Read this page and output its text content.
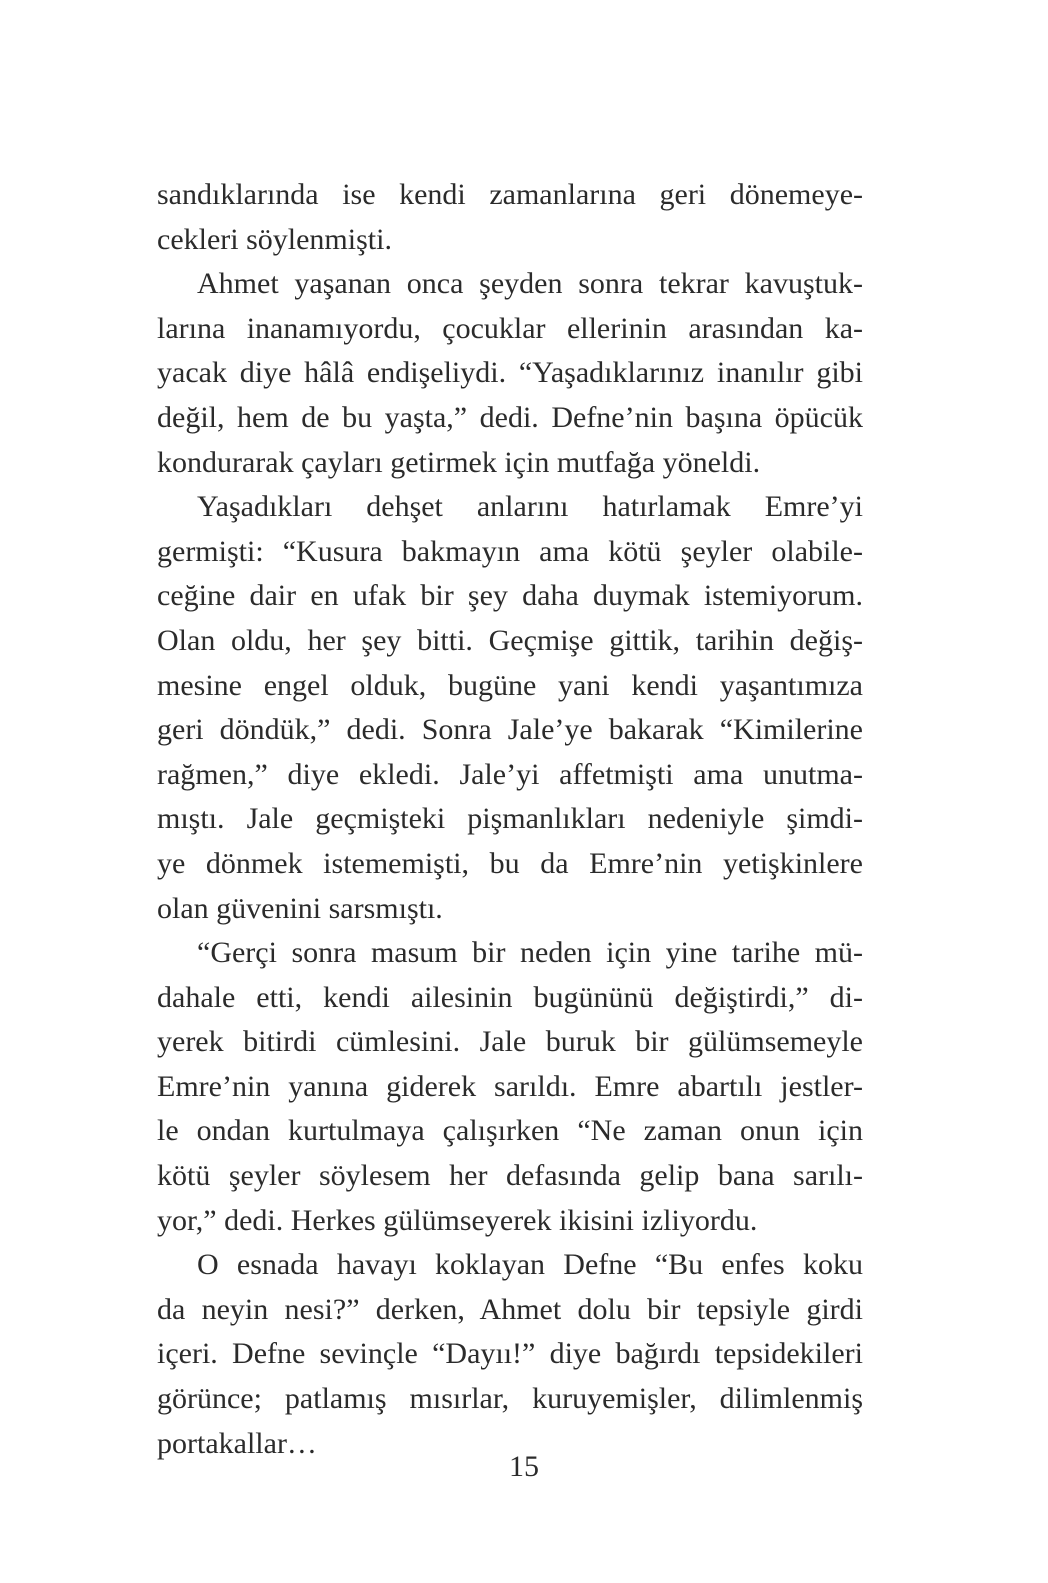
sandıklarında ise kendi zamanlarına geri dönemeye-
cekleri söylenmişti.
Ahmet yaşanan onca şeyden sonra tekrar kavuştuk-
larına inanamıyordu, çocuklar ellerinin arasından ka-
yacak diye hâlâ endişeliydi. “Yaşadıklarınız inanılır gibi
değil, hem de bu yaşta,” dedi. Defne’nin başına öpücük
kondurarak çayları getirmek için mutfağa yöneldi.
Yaşadıkları dehşet anlarını hatırlamak Emre’yi
germişti: “Kusura bakmayın ama kötü şeyler olabile-
ceğine dair en ufak bir şey daha duymak istemiyorum.
Olan oldu, her şey bitti. Geçmişe gittik, tarihin değiş-
mesine engel olduk, bugüne yani kendi yaşantımıza
geri döndük,” dedi. Sonra Jale’ye bakarak “Kimilerine
rağmen,” diye ekledi. Jale’yi affetmişti ama unutma-
mıştı. Jale geçmişteki pişmanlıkları nedeniyle şimdi-
ye dönmek istememişti, bu da Emre’nin yetişkinlere
olan güvenini sarsmıştı.
“Gerçi sonra masum bir neden için yine tarihe mü-
dahale etti, kendi ailesinin bugününü değiştirdi,” di-
yerek bitirdi cümlesini. Jale buruk bir gülümsemeyle
Emre’nin yanına giderek sarıldı. Emre abartılı jestler-
le ondan kurtulmaya çalışırken “Ne zaman onun için
kötü şeyler söylesem her defasında gelip bana sarılı-
yor,” dedi. Herkes gülümseyerek ikisini izliyordu.
O esnada havayı koklayan Defne “Bu enfes koku
da neyin nesi?” derken, Ahmet dolu bir tepsiyle girdi
içeri. Defne sevinçle “Dayıı!” diye bağırdı tepsidekileri
görünce; patlamış mısırlar, kuruyemişler, dilimlenmiş
portakallar…
15
